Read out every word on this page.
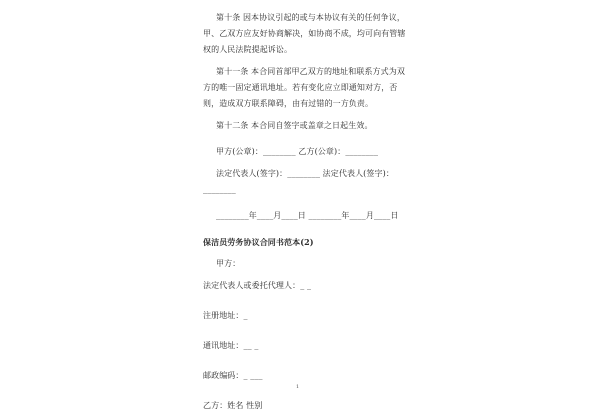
第十条 因本协议引起的或与本协议有关的任何争议，甲、乙双方应友好协商解决，如协商不成，均可向有管辖权的人民法院提起诉讼。

第十一条 本合同首部甲乙双方的地址和联系方式为双方的唯一固定通讯地址。若有变化应立即通知对方，否则，造成双方联系障碍，由有过错的一方负责。

第十二条 本合同自签字或盖章之日起生效。

甲方(公章)：________ 乙方(公章)：________

法定代表人(签字)：________ 法定代表人(签字)：

________

________年____月____日 ________年____月____日

保洁员劳务协议合同书范本(2)

甲方：

法定代表人或委托代理人：_ _

注册地址：_

通讯地址：__ _

邮政编码：_ ___

乙方：姓名 性别

1
